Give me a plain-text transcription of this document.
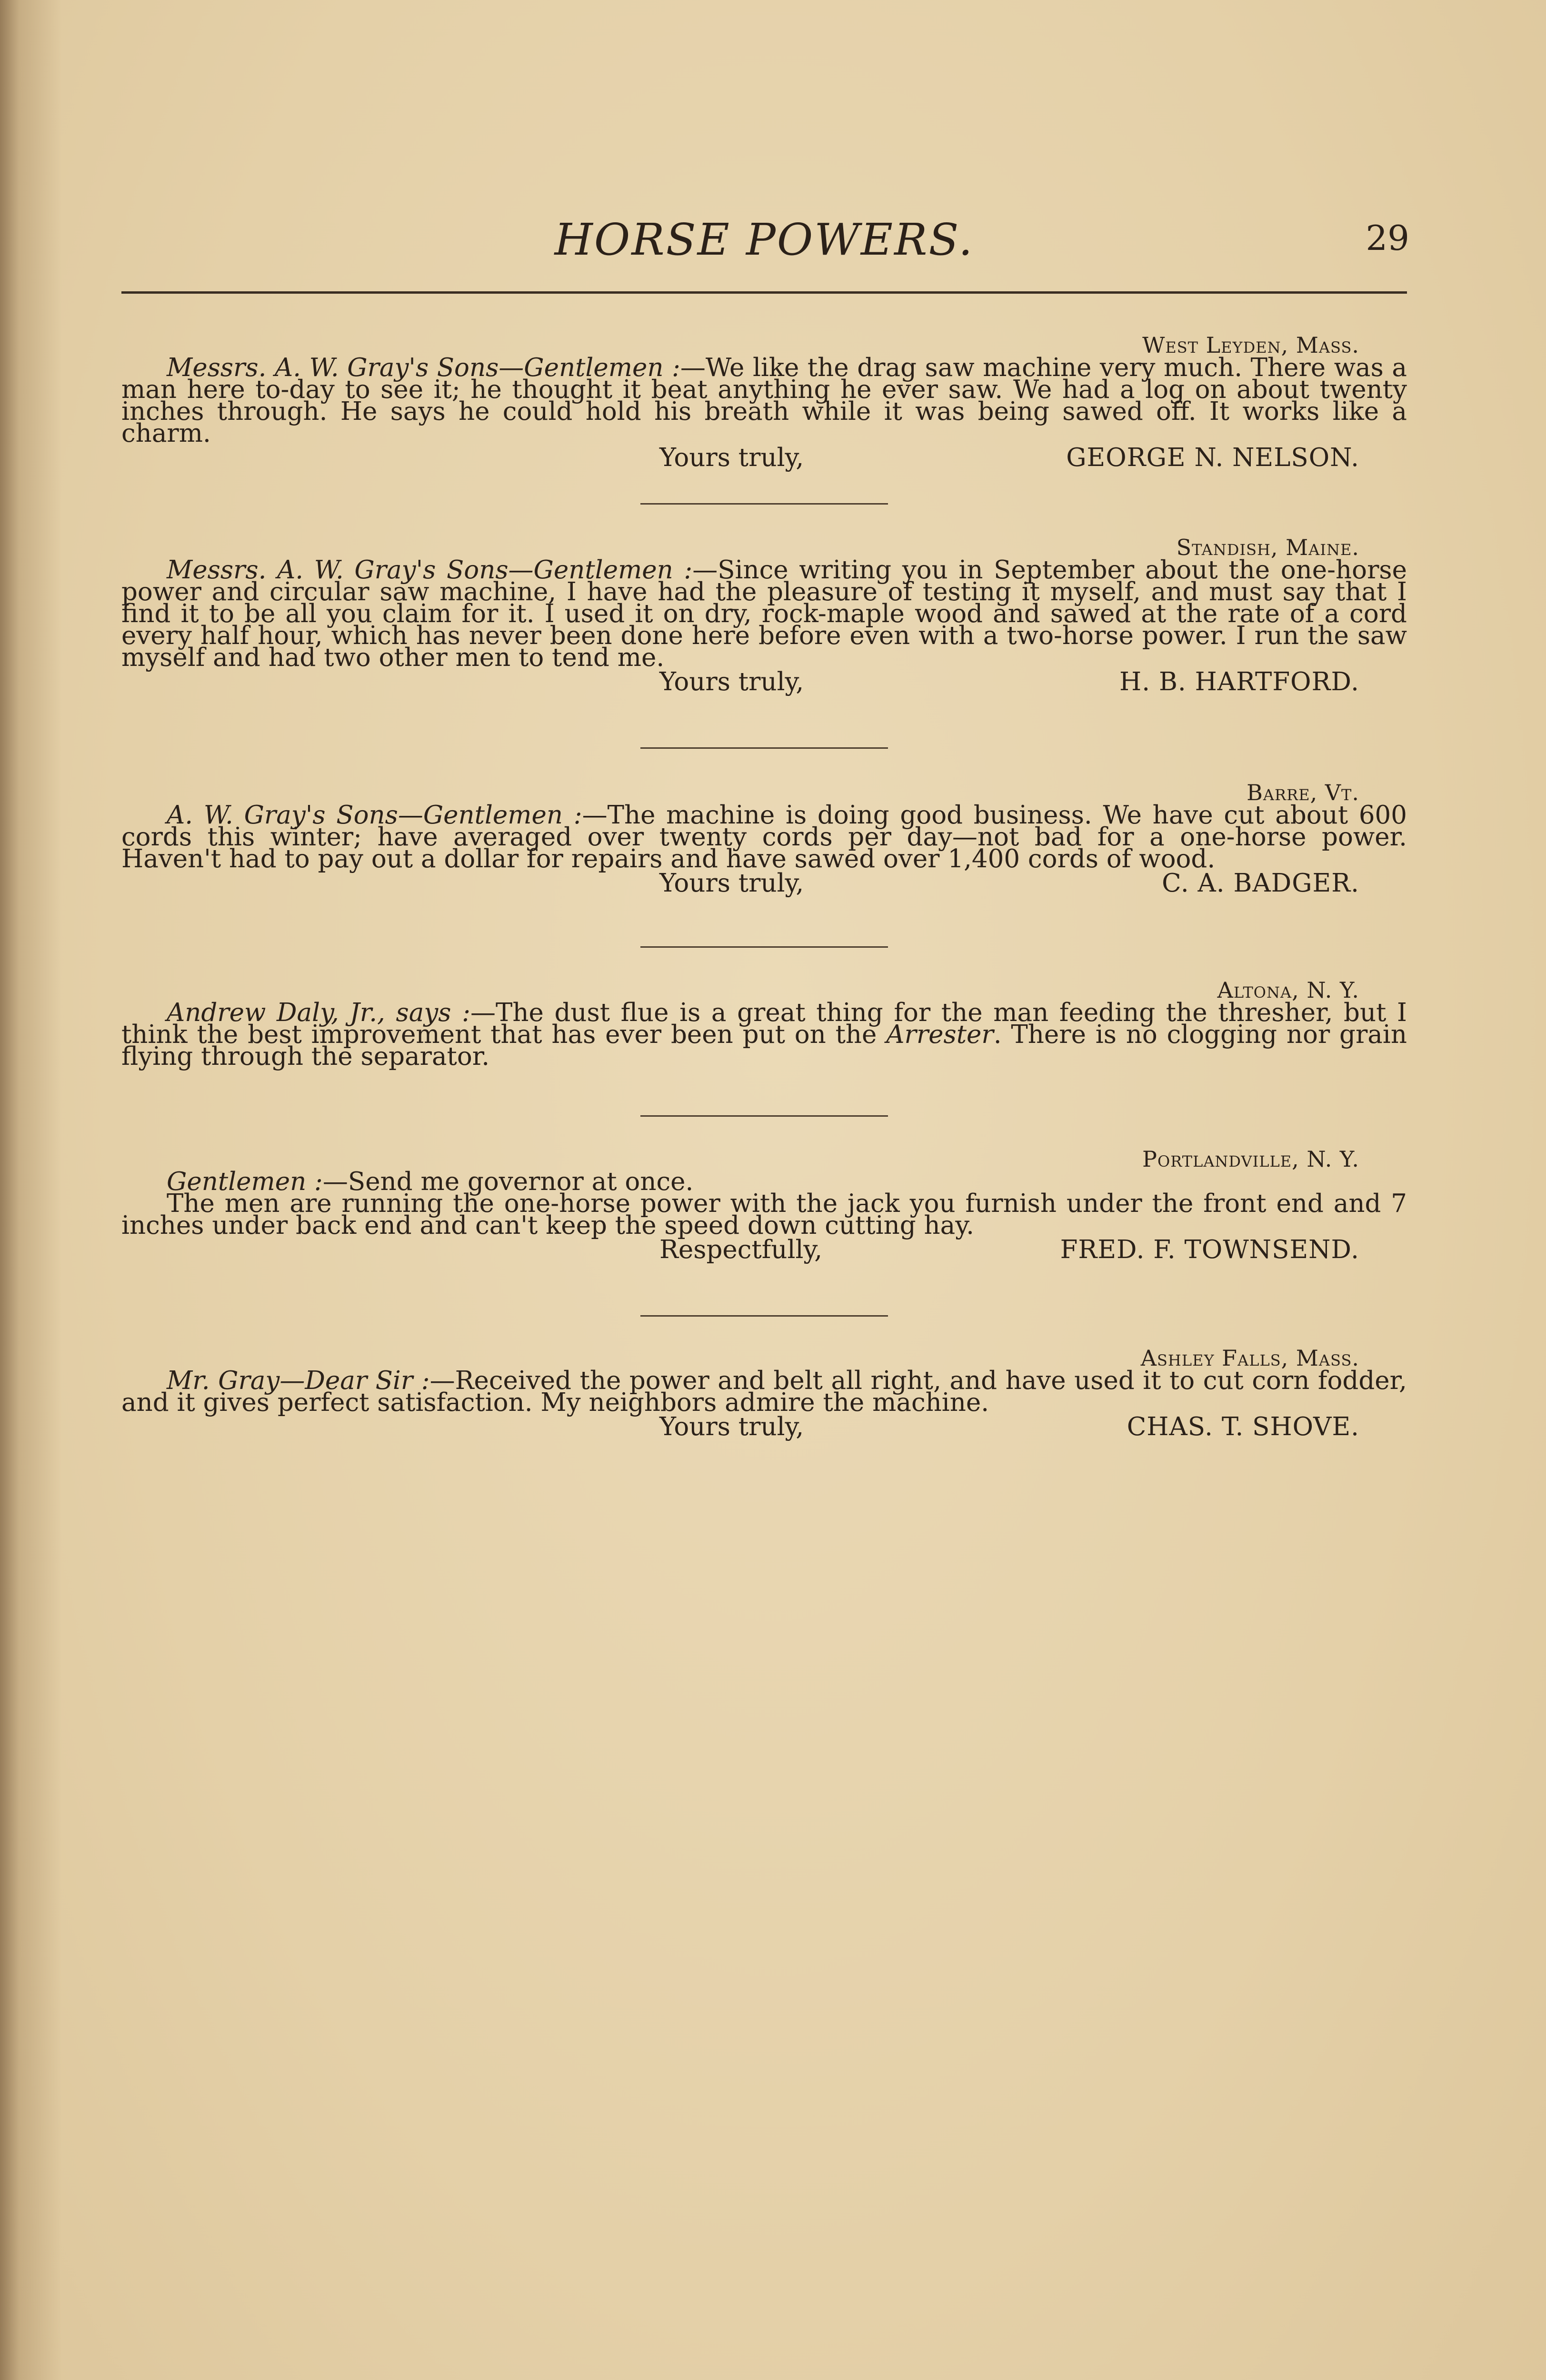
HORSE POWERS.	29
West Leyden, Mass.
Messrs. A. W. Gray's Sons—Gentlemen :—We like the drag saw machine very much. There was a man here to-day to see it; he thought it beat anything he ever saw. We had a log on about twenty inches through. He says he could hold his breath while it was being sawed off. It works like a charm.
Yours truly,	GEORGE N. NELSON.
Standish, Maine.
Messrs. A. W. Gray's Sons—Gentlemen :—Since writing you in September about the one-horse power and circular saw machine, I have had the pleasure of testing it myself, and must say that I find it to be all you claim for it. I used it on dry, rock-maple wood and sawed at the rate of a cord every half hour, which has never been done here before even with a two-horse power. I run the saw myself and had two other men to tend me.
Yours truly,	H. B. HARTFORD.
Barre, Vt.
A. W. Gray's Sons—Gentlemen :—The machine is doing good business. We have cut about 600 cords this winter; have averaged over twenty cords per day—not bad for a one-horse power. Haven't had to pay out a dollar for repairs and have sawed over 1,400 cords of wood.
Yours truly,	C. A. BADGER.
Altona, N. Y.
Andrew Daly, Jr., says :—The dust flue is a great thing for the man feeding the thresher, but I think the best improvement that has ever been put on the Arrester. There is no clogging nor grain flying through the separator.
Portlandville, N. Y.
Gentlemen :—Send me governor at once.
The men are running the one-horse power with the jack you furnish under the front end and 7 inches under back end and can't keep the speed down cutting hay.
Respectfully,	FRED. F. TOWNSEND.
Ashley Falls, Mass.
Mr. Gray—Dear Sir :—Received the power and belt all right, and have used it to cut corn fodder, and it gives perfect satisfaction. My neighbors admire the machine.
Yours truly,	CHAS. T. SHOVE.
